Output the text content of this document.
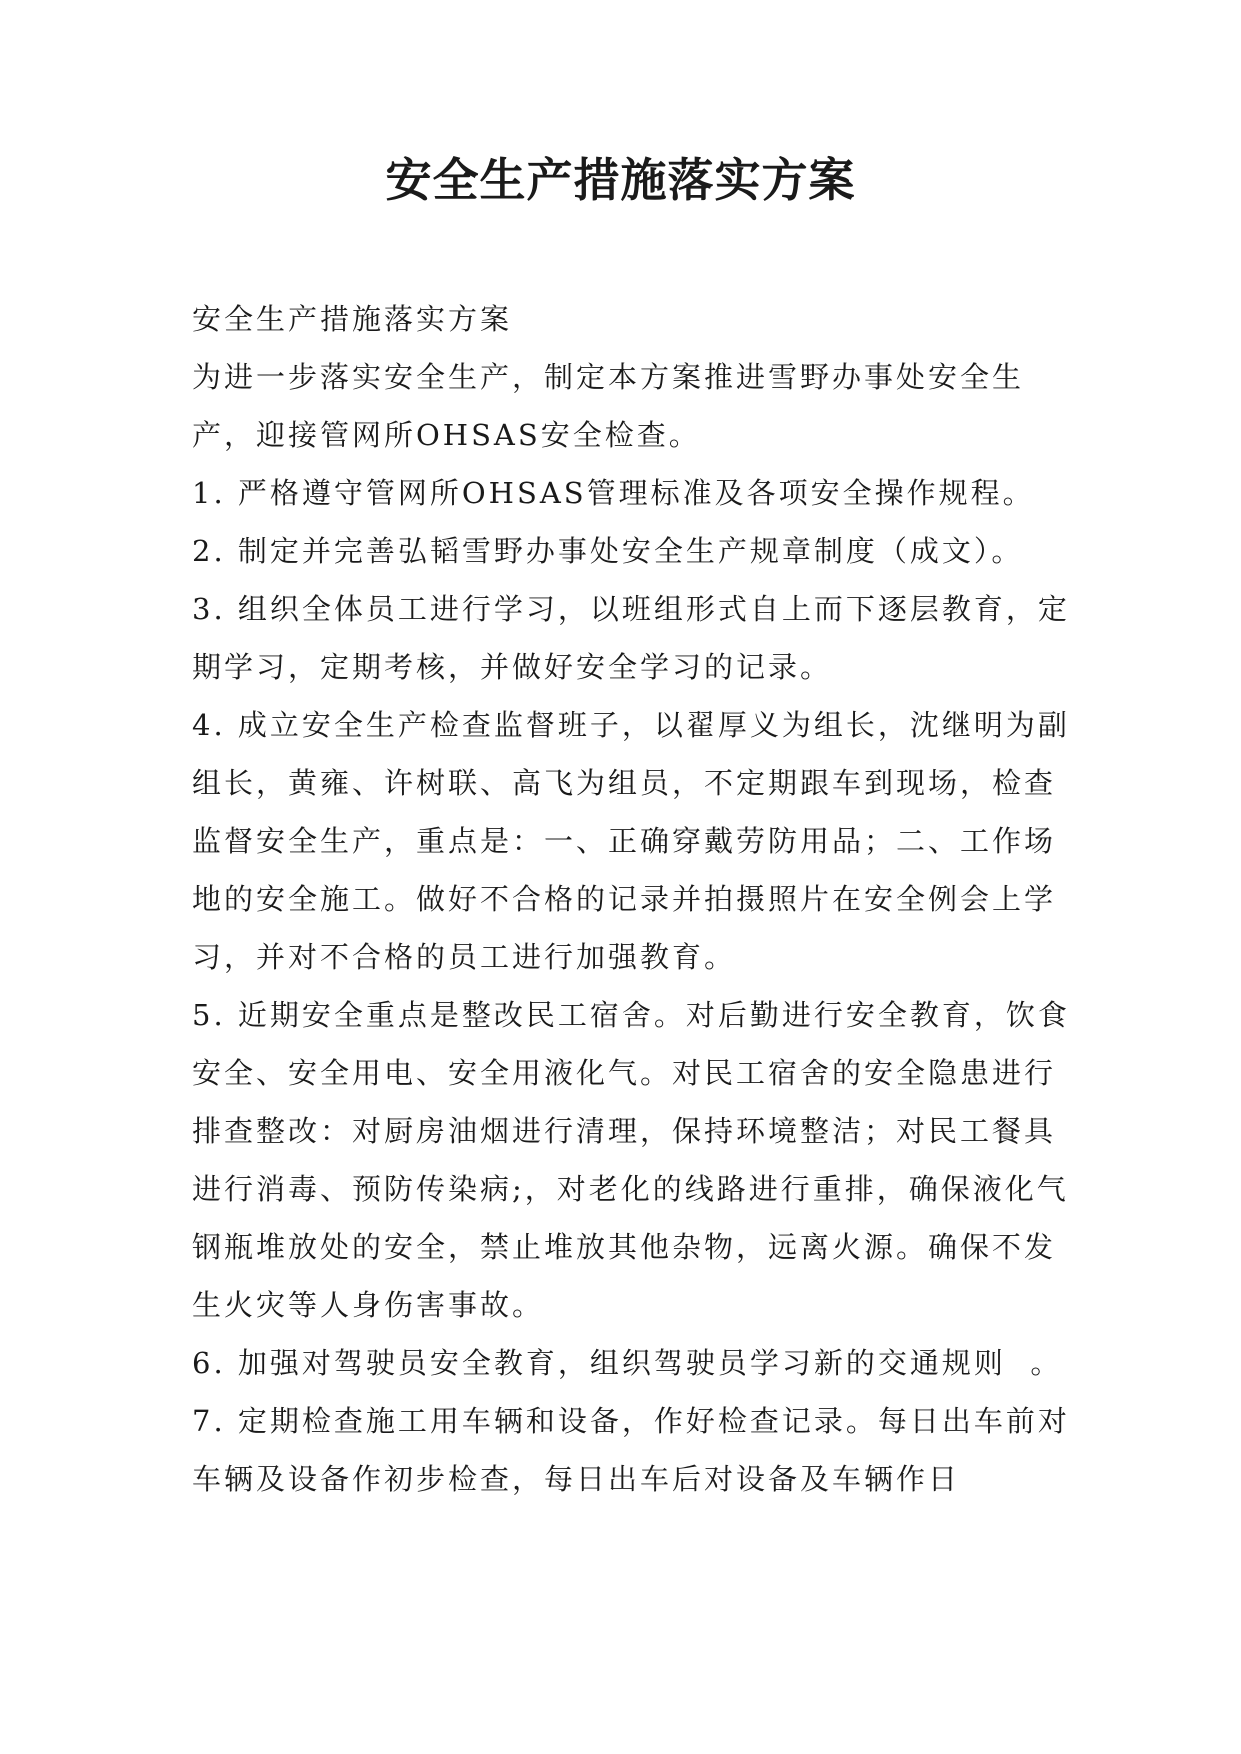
安全生产措施落实方案

安全生产措施落实方案

为进一步落实安全生产，制定本方案推进雪野办事处安全生产，迎接管网所OHSAS安全检查。

1. 严格遵守管网所OHSAS管理标准及各项安全操作规程。

2. 制定并完善弘韬雪野办事处安全生产规章制度（成文）。

3. 组织全体员工进行学习，以班组形式自上而下逐层教育，定期学习，定期考核，并做好安全学习的记录。

4. 成立安全生产检查监督班子，以翟厚义为组长，沈继明为副组长，黄雍、许树联、高飞为组员，不定期跟车到现场，检查监督安全生产，重点是：一、正确穿戴劳防用品；二、工作场地的安全施工。做好不合格的记录并拍摄照片在安全例会上学习，并对不合格的员工进行加强教育。

5. 近期安全重点是整改民工宿舍。对后勤进行安全教育，饮食安全、安全用电、安全用液化气。对民工宿舍的安全隐患进行排查整改：对厨房油烟进行清理，保持环境整洁；对民工餐具进行消毒、预防传染病;，对老化的线路进行重排，确保液化气钢瓶堆放处的安全，禁止堆放其他杂物，远离火源。确保不发生火灾等人身伤害事故。

6. 加强对驾驶员安全教育，组织驾驶员学习新的交通规则  。

7. 定期检查施工用车辆和设备，作好检查记录。每日出车前对车辆及设备作初步检查，每日出车后对设备及车辆作日
